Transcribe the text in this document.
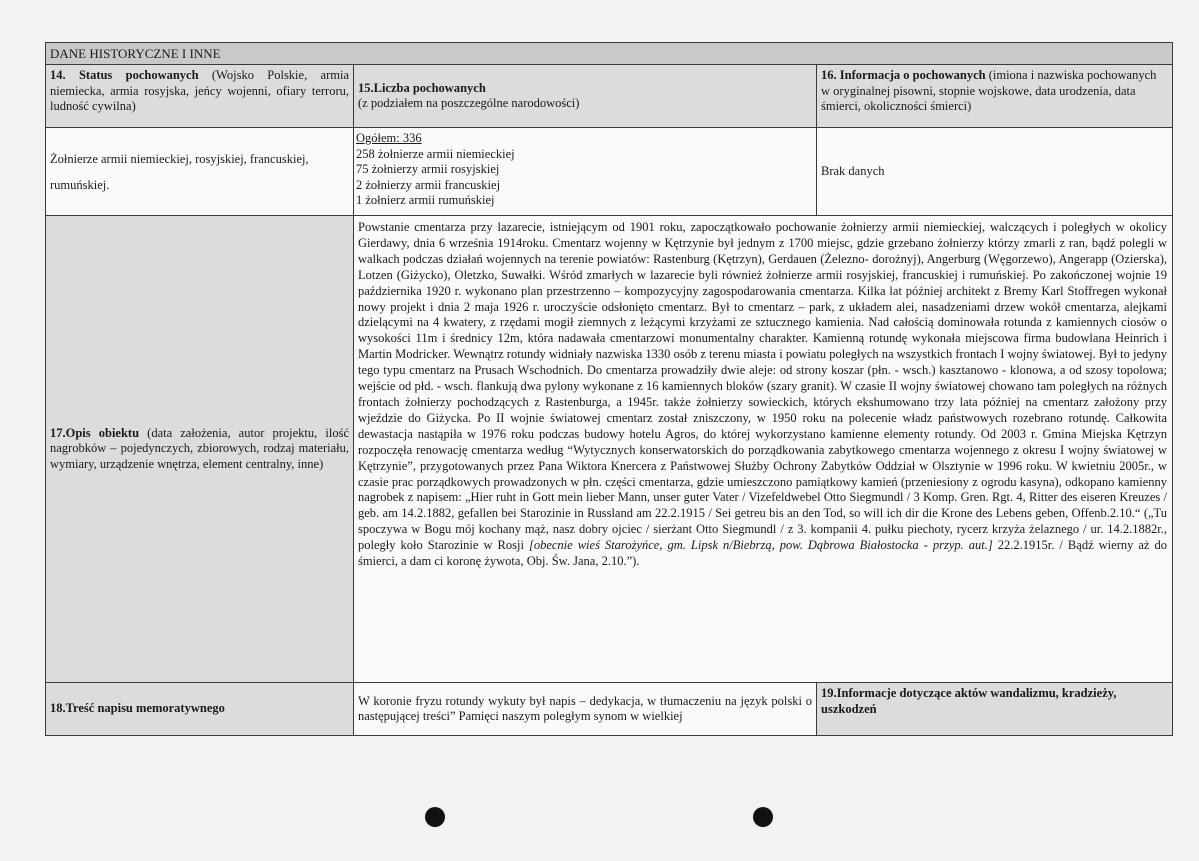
DANE HISTORYCZNE I INNE
14. Status pochowanych (Wojsko Polskie, armia niemiecka, armia rosyjska, jeńcy wojenni, ofiary terroru, ludność cywilna)
15.Liczba pochowanych
(z podziałem na poszczególne narodowości)
16. Informacja o pochowanych (imiona i nazwiska pochowanych w oryginalnej pisowni, stopnie wojskowe, data urodzenia, data śmierci, okoliczności śmierci)
Żołnierze armii niemieckiej, rosyjskiej, francuskiej, rumuńskiej.
Ogółem: 336
258 żołnierze armii niemieckiej
75 żołnierzy armii rosyjskiej
2 żołnierzy armii francuskiej
1 żołnierz armii rumuńskiej
Brak danych
17.Opis obiektu (data założenia, autor projektu, ilość nagrobków – pojedynczych, zbiorowych, rodzaj materiału, wymiary, urządzenie wnętrza, element centralny, inne)
Powstanie cmentarza przy lazarecie, istniejącym od 1901 roku, zapoczątkowało pochowanie żołnierzy armii niemieckiej, walczących i poległych w okolicy Gierdawy, dnia 6 września 1914roku. Cmentarz wojenny w Kętrzynie był jednym z 1700 miejsc, gdzie grzebano żołnierzy którzy zmarli z ran, bądź polegli w walkach podczas działań wojennych na terenie powiatów: Rastenburg (Kętrzyn), Gerdauen (Żelezno- dorożnyj), Angerburg (Węgorzewo), Angerapp (Ozierska), Lotzen (Giżycko), Oletzko, Suwałki. Wśród zmarłych w lazarecie byli również żołnierze armii rosyjskiej, francuskiej i rumuńskiej. Po zakończonej wojnie 19 października 1920 r. wykonano plan przestrzenno – kompozycyjny zagospodarowania cmentarza. Kilka lat później architekt z Bremy Karl Stoffregen wykonał nowy projekt i dnia 2 maja 1926 r. uroczyście odsłonięto cmentarz. Był to cmentarz – park, z układem alei, nasadzeniami drzew wokół cmentarza, alejkami dzielącymi na 4 kwatery, z rzędami mogił ziemnych z leżącymi krzyżami ze sztucznego kamienia. Nad całością dominowała rotunda z kamiennych ciosów o wysokości 11m i średnicy 12m, która nadawała cmentarzowi monumentalny charakter. Kamienną rotundę wykonała miejscowa firma budowlana Heinrich i Martin Modricker. Wewnątrz rotundy widniały nazwiska 1330 osób z terenu miasta i powiatu poległych na wszystkich frontach I wojny światowej. Był to jedyny tego typu cmentarz na Prusach Wschodnich. Do cmentarza prowadziły dwie aleje: od strony koszar (płn. - wsch.) kasztanowo - klonowa, a od szosy topolowa; wejście od płd. - wsch. flankują dwa pylony wykonane z 16 kamiennych bloków (szary granit). W czasie II wojny światowej chowano tam poległych na różnych frontach żołnierzy pochodzących z Rastenburga, a 1945r. także żołnierzy sowieckich, których ekshumowano trzy lata później na cmentarz założony przy wjeździe do Giżycka. Po II wojnie światowej cmentarz został zniszczony, w 1950 roku na polecenie władz państwowych rozebrano rotundę. Całkowita dewastacja nastąpiła w 1976 roku podczas budowy hotelu Agros, do której wykorzystano kamienne elementy rotundy. Od 2003 r. Gmina Miejska Kętrzyn rozpoczęła renowację cmentarza według “Wytycznych konserwatorskich do porządkowania zabytkowego cmentarza wojennego z okresu I wojny światowej w Kętrzynie”, przygotowanych przez Pana Wiktora Knercera z Państwowej Służby Ochrony Zabytków Oddział w Olsztynie w 1996 roku. W kwietniu 2005r., w czasie prac porządkowych prowadzonych w płn. części cmentarza, gdzie umieszczono pamiątkowy kamień (przeniesiony z ogrodu kasyna), odkopano kamienny nagrobek z napisem: „Hier ruht in Gott mein lieber Mann, unser guter Vater / Vizefeldwebel Otto Siegmundl / 3 Komp. Gren. Rgt. 4, Ritter des eiseren Kreuzes / geb. am 14.2.1882, gefallen bei Starozinie in Russland am 22.2.1915 / Sei getreu bis an den Tod, so will ich dir die Krone des Lebens geben, Offenb.2.10.“ („Tu spoczywa w Bogu mój kochany mąż, nasz dobry ojciec / sierżant Otto Siegmundl / z 3. kompanii 4. pułku piechoty, rycerz krzyża żelaznego / ur. 14.2.1882r., poległy koło Starozinie w Rosji [obecnie wieś Starożyńce, gm. Lipsk n/Biebrzą, pow. Dąbrowa Białostocka - przyp. aut.] 22.2.1915r. / Bądź wierny aż do śmierci, a dam ci koronę żywota, Obj. Św. Jana, 2.10.”).
18.Treść napisu memoratywnego
W koronie fryzu rotundy wykuty był napis – dedykacja, w tłumaczeniu na język polski o następującej treści” Pamięci naszym poległym synom w wielkiej
19.Informacje dotyczące aktów wandalizmu, kradzieży, uszkodzeń
